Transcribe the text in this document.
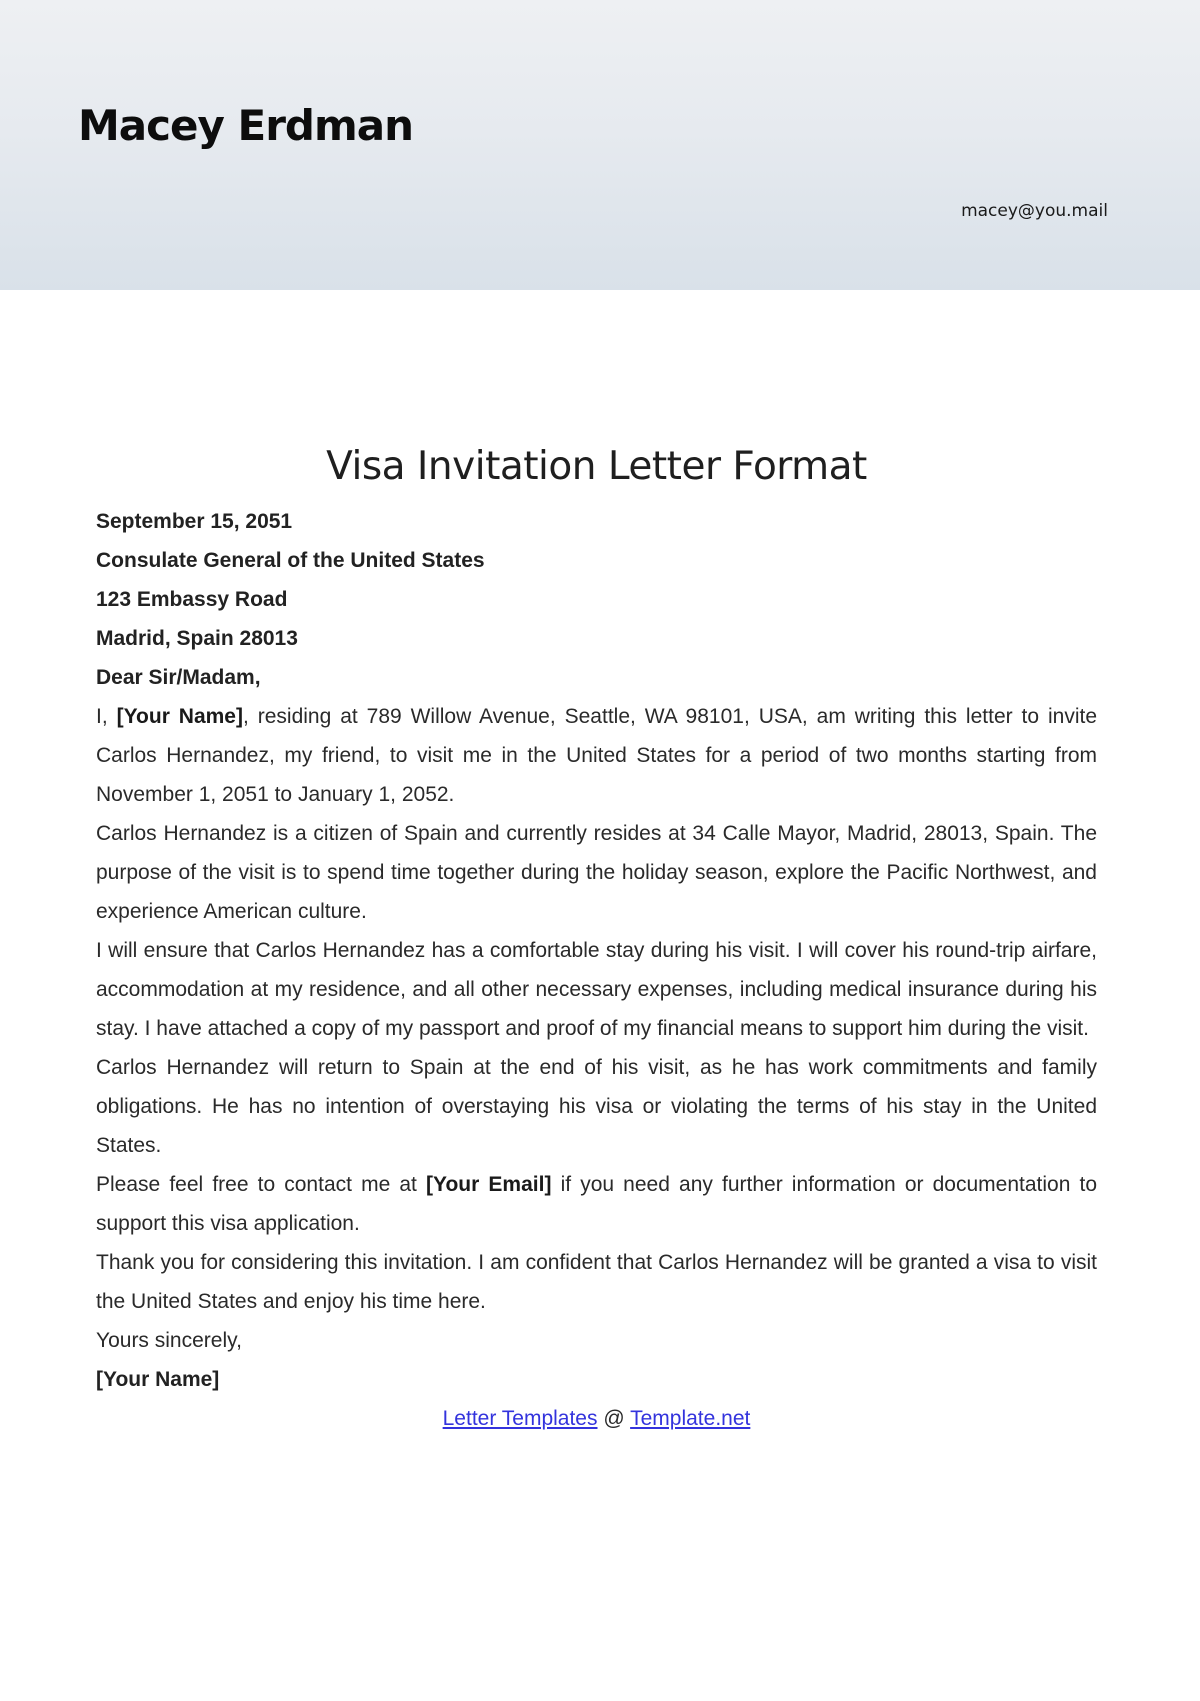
Macey Erdman
macey@you.mail
Visa Invitation Letter Format

September 15, 2051

Consulate General of the United States

123 Embassy Road

Madrid, Spain 28013

Dear Sir/Madam,

I, [Your Name], residing at 789 Willow Avenue, Seattle, WA 98101, USA, am writing this letter to invite Carlos Hernandez, my friend, to visit me in the United States for a period of two months starting from November 1, 2051 to January 1, 2052.

Carlos Hernandez is a citizen of Spain and currently resides at 34 Calle Mayor, Madrid, 28013, Spain. The purpose of the visit is to spend time together during the holiday season, explore the Pacific Northwest, and experience American culture.

I will ensure that Carlos Hernandez has a comfortable stay during his visit. I will cover his round-trip airfare, accommodation at my residence, and all other necessary expenses, including medical insurance during his stay. I have attached a copy of my passport and proof of my financial means to support him during the visit.

Carlos Hernandez will return to Spain at the end of his visit, as he has work commitments and family obligations. He has no intention of overstaying his visa or violating the terms of his stay in the United States.

Please feel free to contact me at [Your Email] if you need any further information or documentation to support this visa application.

Thank you for considering this invitation. I am confident that Carlos Hernandez will be granted a visa to visit the United States and enjoy his time here.

Yours sincerely,

[Your Name]

Letter Templates @ Template.net
